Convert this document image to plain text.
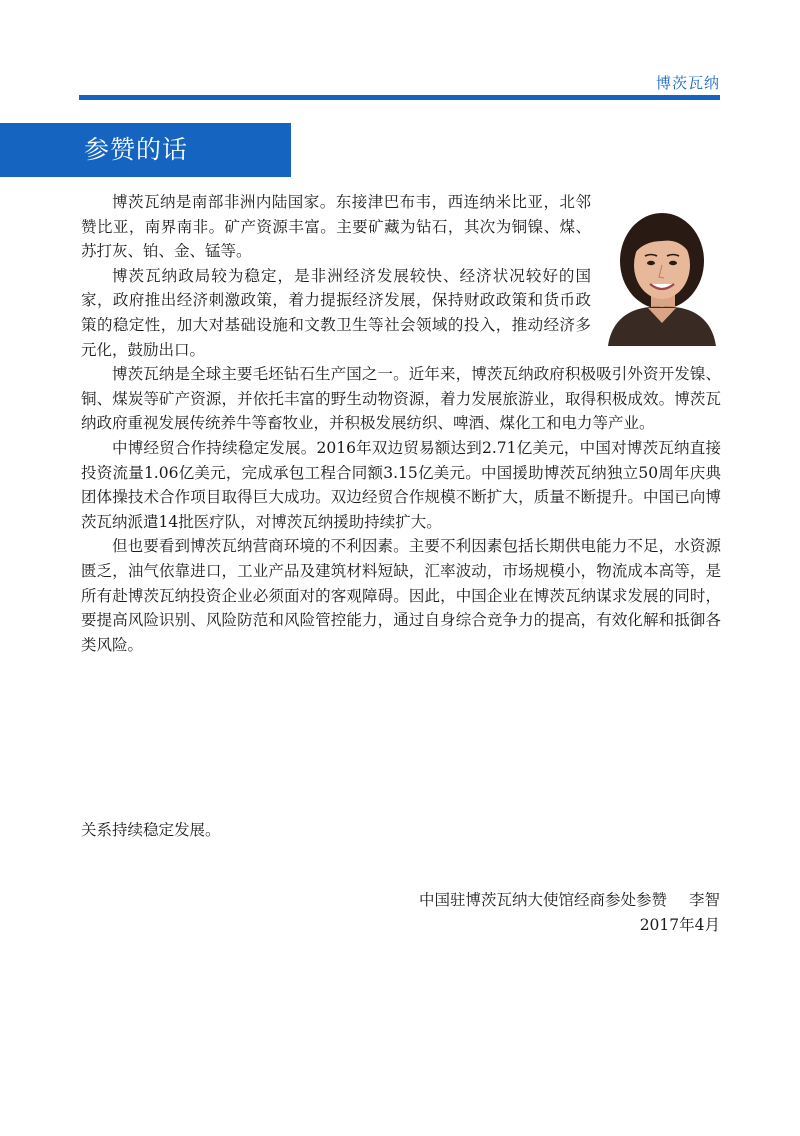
博茨瓦纳
参赞的话

博茨瓦纳是南部非洲内陆国家。东接津巴布韦，西连纳米比亚，北邻赞比亚，南界南非。矿产资源丰富。主要矿藏为钻石，其次为铜镍、煤、苏打灰、铂、金、锰等。

博茨瓦纳政局较为稳定，是非洲经济发展较快、经济状况较好的国家，政府推出经济刺激政策，着力提振经济发展，保持财政政策和货币政策的稳定性，加大对基础设施和文教卫生等社会领域的投入，推动经济多元化，鼓励出口。

博茨瓦纳是全球主要毛坯钻石生产国之一。近年来，博茨瓦纳政府积极吸引外资开发镍、铜、煤炭等矿产资源，并依托丰富的野生动物资源，着力发展旅游业，取得积极成效。博茨瓦纳政府重视发展传统养牛等畜牧业，并积极发展纺织、啤酒、煤化工和电力等产业。

中博经贸合作持续稳定发展。2016年双边贸易额达到2.71亿美元，中国对博茨瓦纳直接投资流量1.06亿美元，完成承包工程合同额3.15亿美元。中国援助博茨瓦纳独立50周年庆典团体操技术合作项目取得巨大成功。双边经贸合作规模不断扩大，质量不断提升。中国已向博茨瓦纳派遣14批医疗队，对博茨瓦纳援助持续扩大。

但也要看到博茨瓦纳营商环境的不利因素。主要不利因素包括长期供电能力不足，水资源匮乏，油气依靠进口，工业产品及建筑材料短缺，汇率波动，市场规模小，物流成本高等，是所有赴博茨瓦纳投资企业必须面对的客观障碍。因此，中国企业在博茨瓦纳谋求发展的同时，要提高风险识别、风险防范和风险管控能力，通过自身综合竞争力的提高，有效化解和抵御各类风险。

关系持续稳定发展。
中国驻博茨瓦纳大使馆经商参处参赞 李智
2017年4月
